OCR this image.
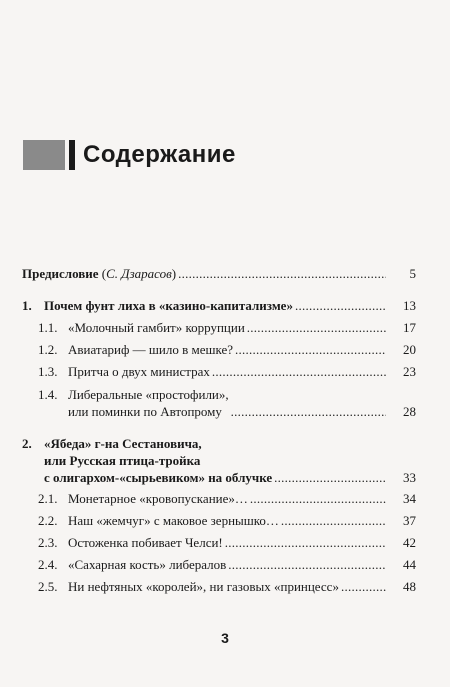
Содержание
Предисловие (С. Дзарасов) . . .	5
1. Почем фунт лиха в «казино-капитализме» . . .	13
1.1. «Молочный гамбит» коррупции . . .	17
1.2. Авиатариф — шило в мешке? . . .	20
1.3. Притча о двух министрах . . .	23
1.4. Либеральные «простофили»,
или поминки по Автопрому . . .	28
2. «Ябеда» г-на Сестановича,
или Русская птица-тройка
с олигархом-«сырьевиком» на облучке . . .	33
2.1. Монетарное «кровопускание»… . . .	34
2.2. Наш «жемчуг» с маковое зернышко… . . .	37
2.3. Остоженка побивает Челси! . . .	42
2.4. «Сахарная кость» либералов . . .	44
2.5. Ни нефтяных «королей», ни газовых «принцесс» . . .	48
3
